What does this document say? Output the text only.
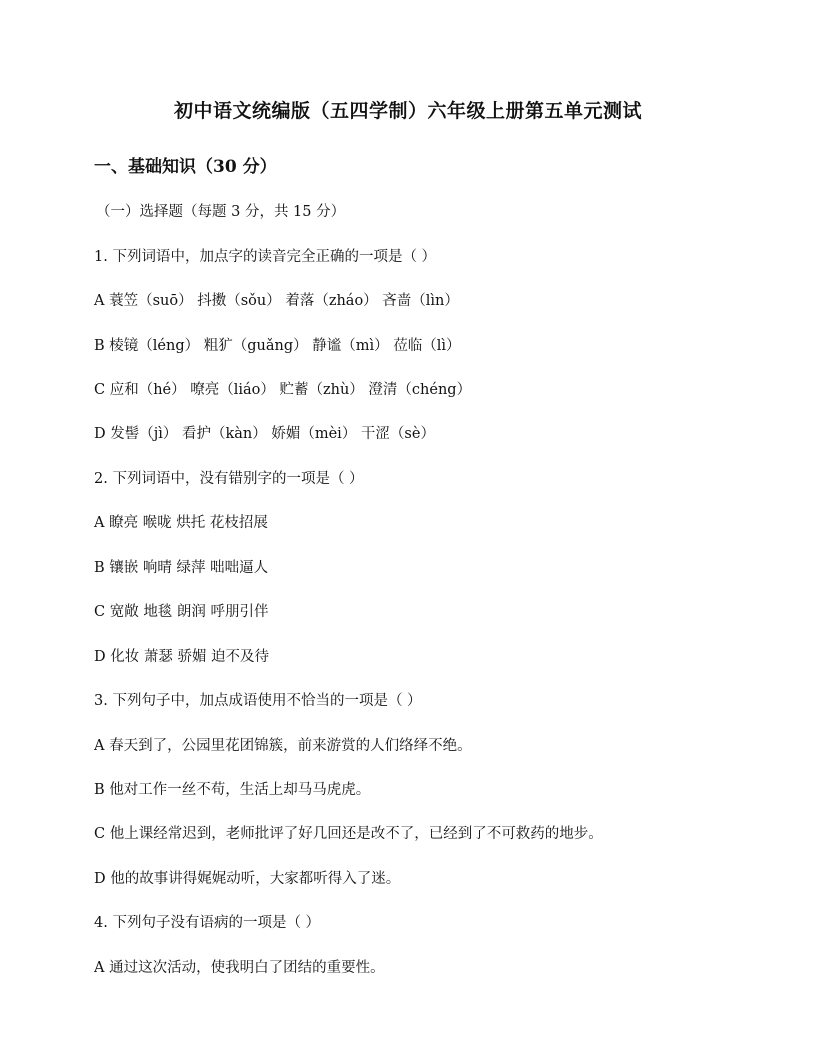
初中语文统编版（五四学制）六年级上册第五单元测试
一、基础知识（30 分）
（一）选择题（每题 3 分，共 15 分）
1. 下列词语中，加点字的读音完全正确的一项是（ ）
A 蓑笠（suō） 抖擞（sǒu） 着落（zháo） 吝啬（lìn）
B 棱镜（léng） 粗犷（guǎng） 静谧（mì） 莅临（lì）
C 应和（hé） 嘹亮（liáo） 贮蓄（zhù） 澄清（chéng）
D 发髻（jì） 看护（kàn） 娇媚（mèi） 干涩（sè）
2. 下列词语中，没有错别字的一项是（ ）
A 瞭亮 喉咙 烘托 花枝招展
B 镶嵌 响晴 绿萍 咄咄逼人
C 宽敞 地毯 朗润 呼朋引伴
D 化妆 萧瑟 骄媚 迫不及待
3. 下列句子中，加点成语使用不恰当的一项是（ ）
A 春天到了，公园里花团锦簇，前来游赏的人们络绎不绝。
B 他对工作一丝不苟，生活上却马马虎虎。
C 他上课经常迟到，老师批评了好几回还是改不了，已经到了不可救药的地步。
D 他的故事讲得娓娓动听，大家都听得入了迷。
4. 下列句子没有语病的一项是（ ）
A 通过这次活动，使我明白了团结的重要性。
